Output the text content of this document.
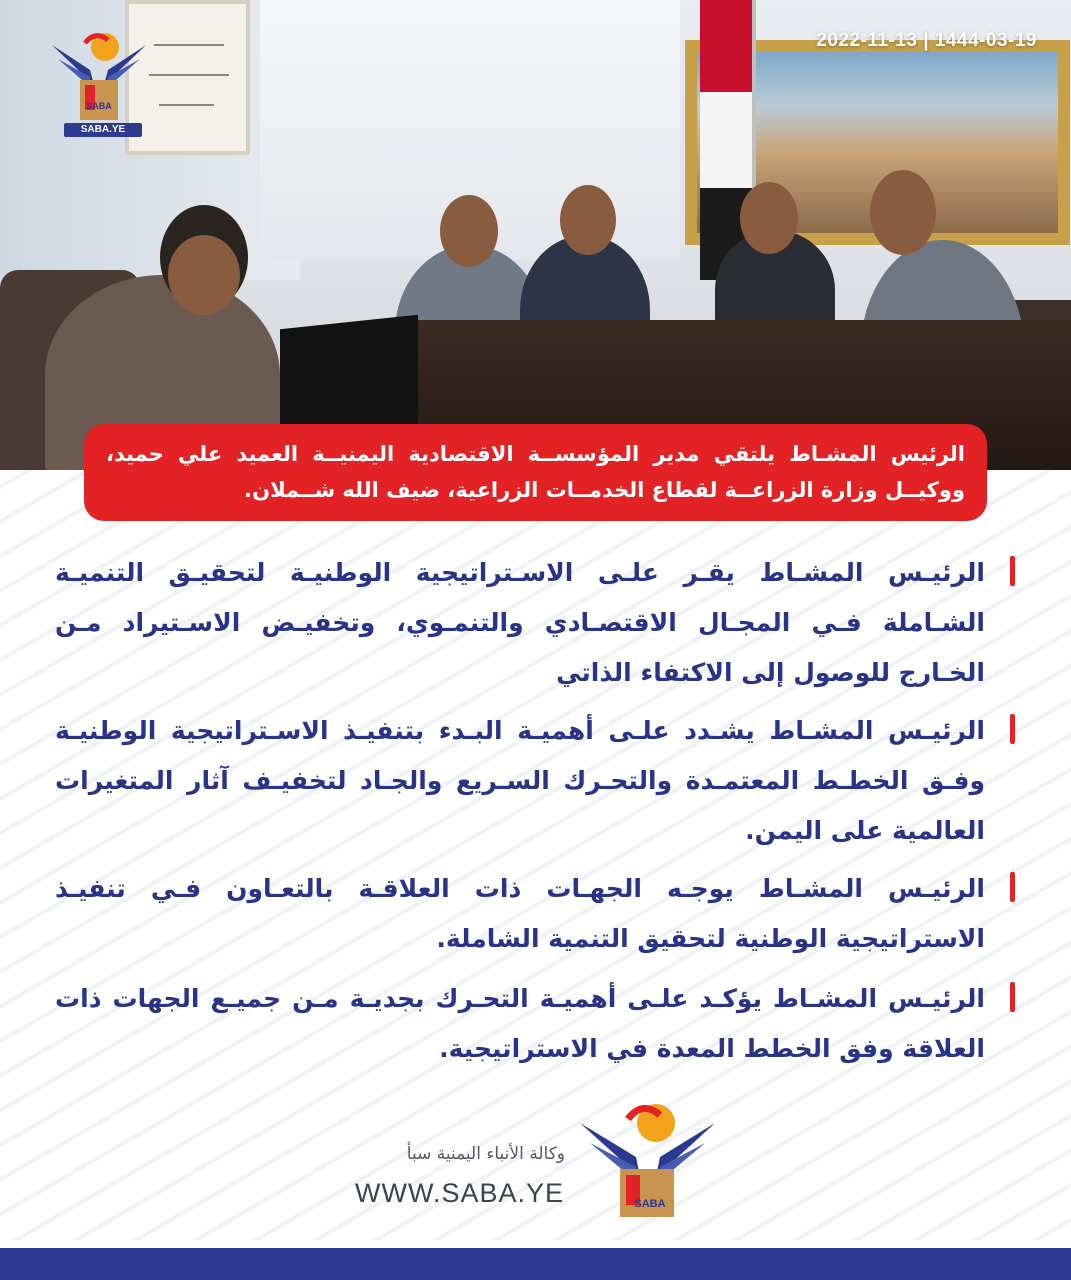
2022-11-13 | 1444-03-19
SABA
SABA.YE
الرئيس المشـاط يلتقي مدير المؤسســة الاقتصادية اليمنيــة العميد علي حميد، ووكيــل وزارة الزراعــة لقطاع الخدمــات الزراعية، ضيف الله شــملان.
الرئيـس المشـاط يقـر علـى الاسـتراتيجية الوطنيـة لتحقيـق التنميـة الشـاملة فـي المجـال الاقتصـادي والتنمـوي، وتخفيـض الاسـتيراد مـن الخـارج للوصول إلى الاكتفاء الذاتي
الرئيـس المشـاط يشـدد علـى أهميـة البـدء بتنفيـذ الاسـتراتيجية الوطنيـة وفـق الخطـط المعتمـدة والتحـرك السـريع والجـاد لتخفيـف آثار المتغيرات العالمية على اليمن.
الرئيـس المشـاط يوجـه الجهـات ذات العلاقـة بالتعـاون فـي تنفيـذ الاستراتيجية الوطنية لتحقيق التنمية الشاملة.
الرئيـس المشـاط يؤكـد علـى أهميـة التحـرك بجديـة مـن جميـع الجهات ذات العلاقة وفق الخطط المعدة في الاستراتيجية.
وكالة الأنباء اليمنية سبأ
WWW.SABA.YE	SABA
